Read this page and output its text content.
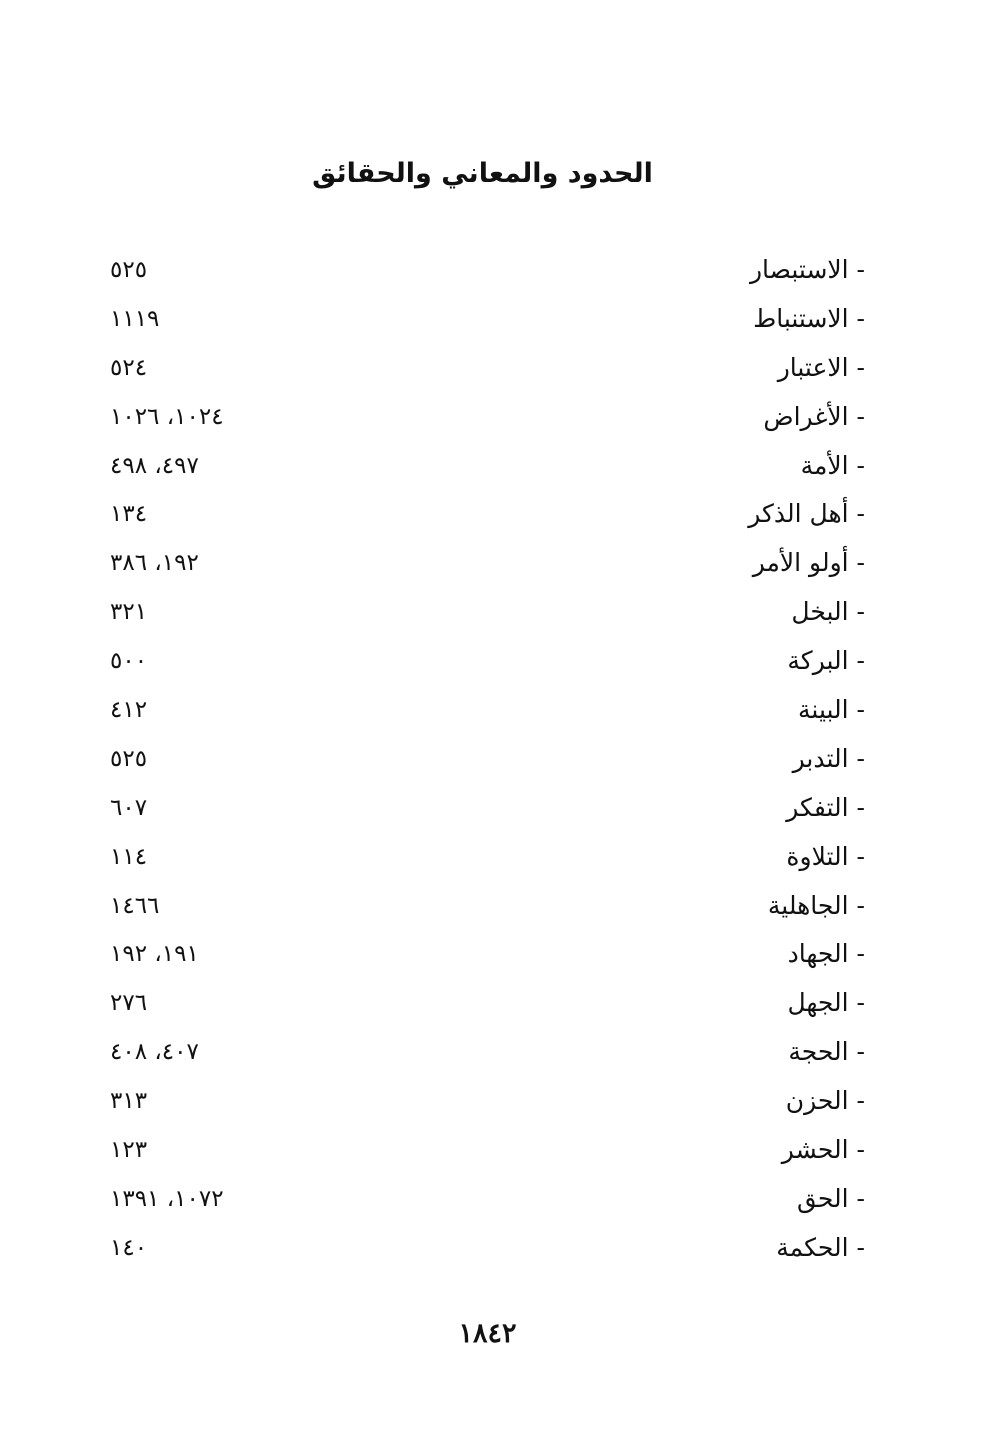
الحدود والمعاني والحقائق
- الاستبصار
٥٢٥
- الاستنباط
١١١٩
- الاعتبار
٥٢٤
- الأغراض
١٠٢٤، ١٠٢٦
- الأمة
٤٩٧، ٤٩٨
- أهل الذكر
١٣٤
- أولو الأمر
١٩٢، ٣٨٦
- البخل
٣٢١
- البركة
٥٠٠
- البينة
٤١٢
- التدبر
٥٢٥
- التفكر
٦٠٧
- التلاوة
١١٤
- الجاهلية
١٤٦٦
- الجهاد
١٩١، ١٩٢
- الجهل
٢٧٦
- الحجة
٤٠٧، ٤٠٨
- الحزن
٣١٣
- الحشر
١٢٣
- الحق
١٠٧٢، ١٣٩١
- الحكمة
١٤٠
١٨٤٢
